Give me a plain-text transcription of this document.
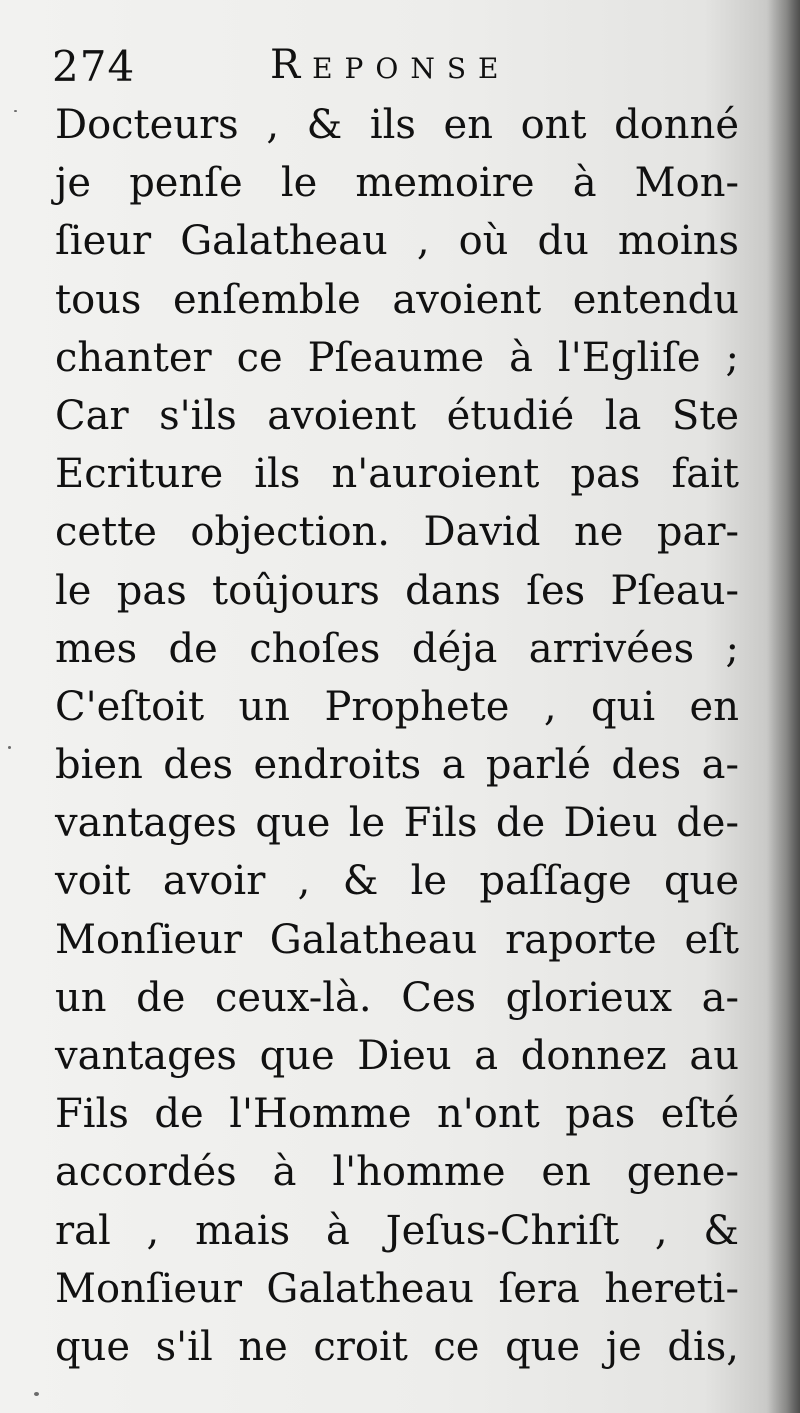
274	Reponse
Docteurs , & ils en ont donné
je penſe le memoire à Mon-
ſieur Galatheau , où du moins
tous enſemble avoient entendu
chanter ce Pſeaume à l'Egliſe ;
Car s'ils avoient étudié la Ste
Ecriture ils n'auroient pas fait
cette objection. David ne par-
le pas toûjours dans ſes Pſeau-
mes de choſes déja arrivées ;
C'eſtoit un Prophete , qui en
bien des endroits a parlé des a-
vantages que le Fils de Dieu de-
voit avoir , & le paſſage que
Monſieur Galatheau raporte eſt
un de ceux-là. Ces glorieux a-
vantages que Dieu a donnez au
Fils de l'Homme n'ont pas eſté
accordés à l'homme en gene-
ral , mais à Jeſus-Chriſt , &
Monſieur Galatheau ſera hereti-
que s'il ne croit ce que je dis,
